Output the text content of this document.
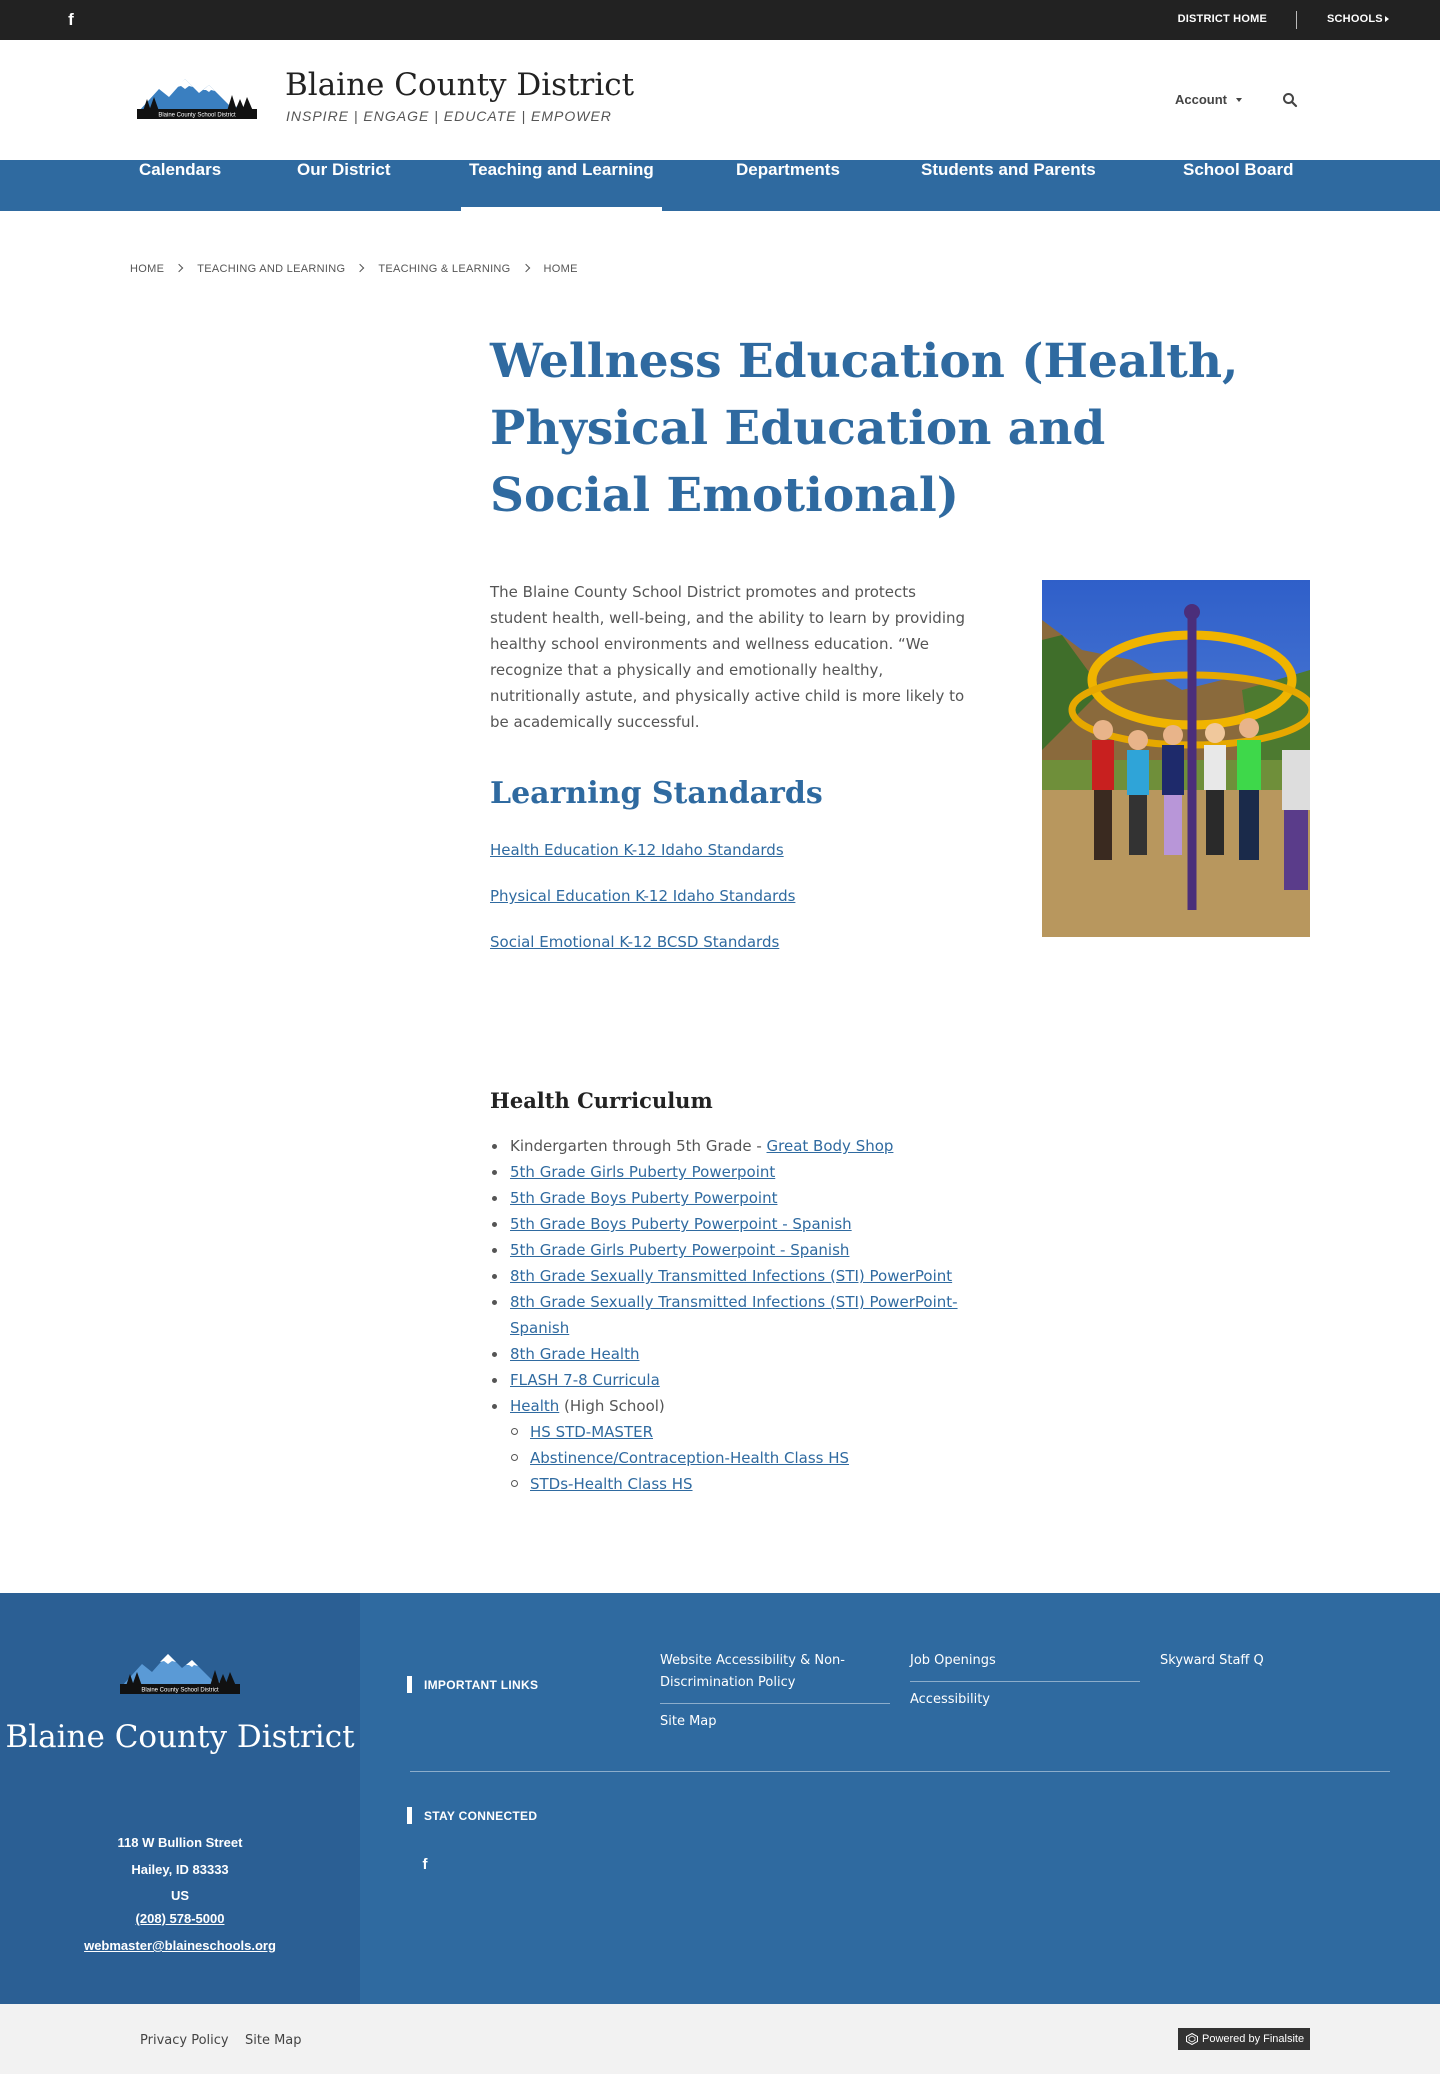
f	DISTRICT HOME	SCHOOLS
Blaine County School District
Blaine County District
INSPIRE | ENGAGE | EDUCATE | EMPOWER
Account
Calendars	Our District	Teaching and Learning	Departments	Students and Parents	School Board
HOME	TEACHING AND LEARNING	TEACHING & LEARNING	HOME
Wellness Education (Health, Physical Education and Social Emotional)

The Blaine County School District promotes and protects student health, well-being, and the ability to learn by providing healthy school environments and wellness education. “We recognize that a physically and emotionally healthy, nutritionally astute, and physically active child is more likely to be academically successful.

Learning Standards
Health Education K-12 Idaho Standards
Physical Education K-12 Idaho Standards
Social Emotional K-12 BCSD Standards
Health Curriculum
Kindergarten through 5th Grade - Great Body Shop
5th Grade Girls Puberty Powerpoint
5th Grade Boys Puberty Powerpoint
5th Grade Boys Puberty Powerpoint - Spanish
5th Grade Girls Puberty Powerpoint - Spanish
8th Grade Sexually Transmitted Infections (STI) PowerPoint
8th Grade Sexually Transmitted Infections (STI) PowerPoint-Spanish
8th Grade Health
FLASH 7-8 Curricula
Health (High School)
HS STD-MASTER
Abstinence/Contraception-Health Class HS
STDs-Health Class HS
Blaine County School District
Blaine County District
118 W Bullion Street
Hailey, ID 83333
US
(208) 578-5000
webmaster@blaineschools.org
IMPORTANT LINKS
Website Accessibility & Non-Discrimination Policy
Site Map
Job Openings
Accessibility
Skyward Staff Q
STAY CONNECTED
f
Privacy Policy Site Map	Powered by Finalsite
